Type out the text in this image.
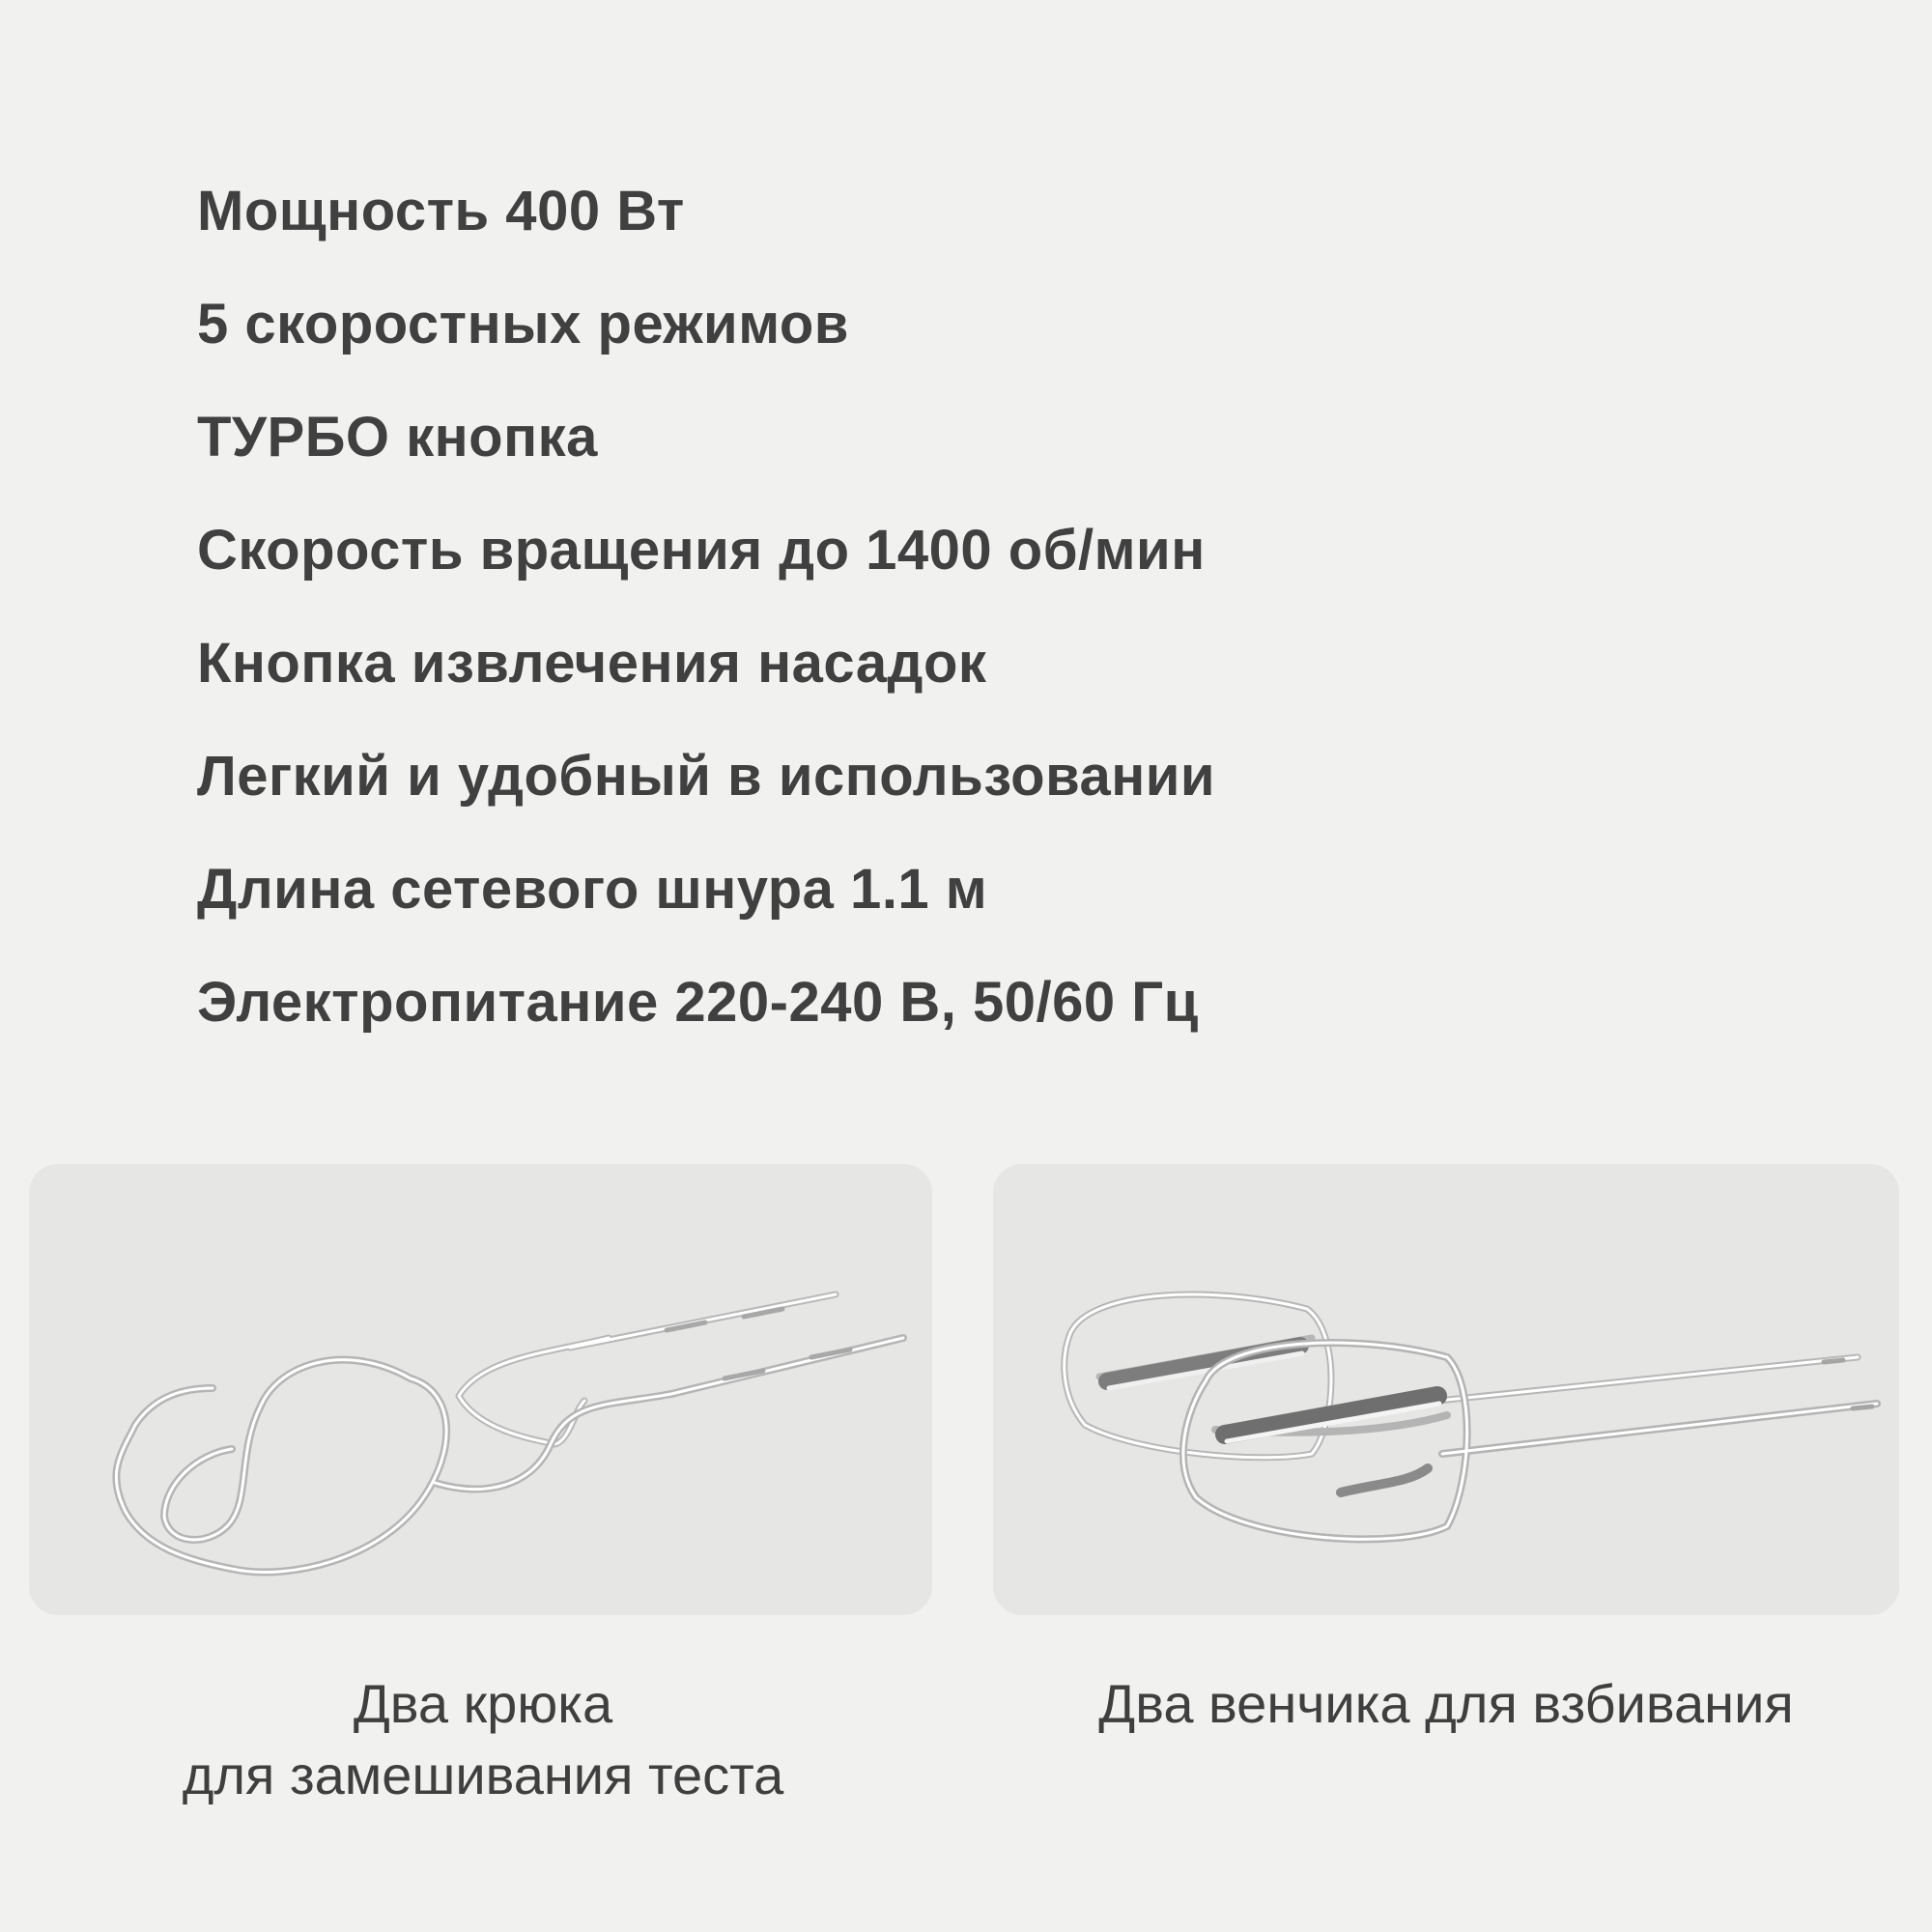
Мощность 400 Вт
5 скоростных режимов
ТУРБО кнопка
Скорость вращения до 1400 об/мин
Кнопка извлечения насадок
Легкий и удобный в использовании
Длина сетевого шнура 1.1 м
Электропитание 220-240 В, 50/60 Гц
Два крюка
для замешивания теста
Два венчика для взбивания
